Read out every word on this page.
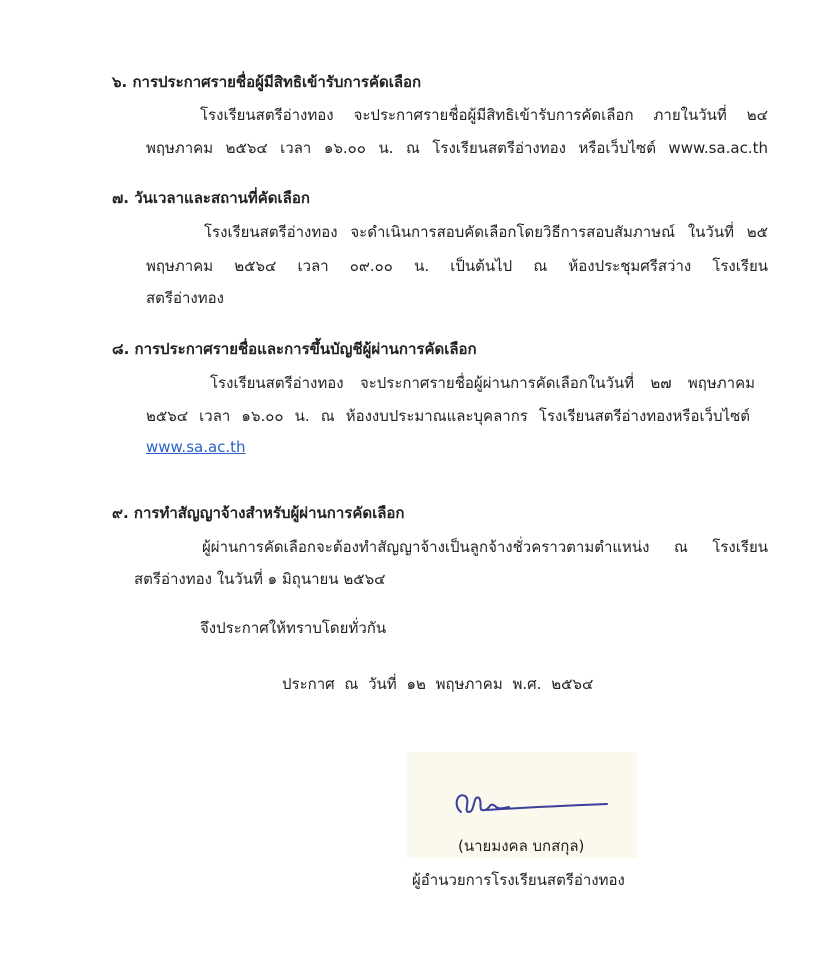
๖. การประกาศรายชื่อผู้มีสิทธิเข้ารับการคัดเลือก
โรงเรียนสตรีอ่างทอง จะประกาศรายชื่อผู้มีสิทธิเข้ารับการคัดเลือก ภายในวันที่ ๒๔
พฤษภาคม ๒๕๖๔ เวลา ๑๖.๐๐ น. ณ โรงเรียนสตรีอ่างทอง หรือเว็บไซต์ www.sa.ac.th
๗. วันเวลาและสถานที่คัดเลือก
โรงเรียนสตรีอ่างทอง จะดำเนินการสอบคัดเลือกโดยวิธีการสอบสัมภาษณ์ ในวันที่ ๒๕
พฤษภาคม ๒๕๖๔ เวลา ๐๙.๐๐ น. เป็นต้นไป ณ ห้องประชุมศรีสว่าง โรงเรียน
สตรีอ่างทอง
๘. การประกาศรายชื่อและการขึ้นบัญชีผู้ผ่านการคัดเลือก
โรงเรียนสตรีอ่างทอง จะประกาศรายชื่อผู้ผ่านการคัดเลือกในวันที่ ๒๗ พฤษภาคม
๒๕๖๔ เวลา ๑๖.๐๐ น. ณ ห้องงบประมาณและบุคลากร โรงเรียนสตรีอ่างทองหรือเว็บไซต์
www.sa.ac.th
๙. การทำสัญญาจ้างสำหรับผู้ผ่านการคัดเลือก
ผู้ผ่านการคัดเลือกจะต้องทำสัญญาจ้างเป็นลูกจ้างชั่วคราวตามตำแหน่ง ณ โรงเรียน
สตรีอ่างทอง ในวันที่ ๑ มิถุนายน ๒๕๖๔
จึงประกาศให้ทราบโดยทั่วกัน
ประกาศ ณ วันที่ ๑๒ พฤษภาคม พ.ศ. ๒๕๖๔
(นายมงคล บกสกุล)
ผู้อำนวยการโรงเรียนสตรีอ่างทอง
